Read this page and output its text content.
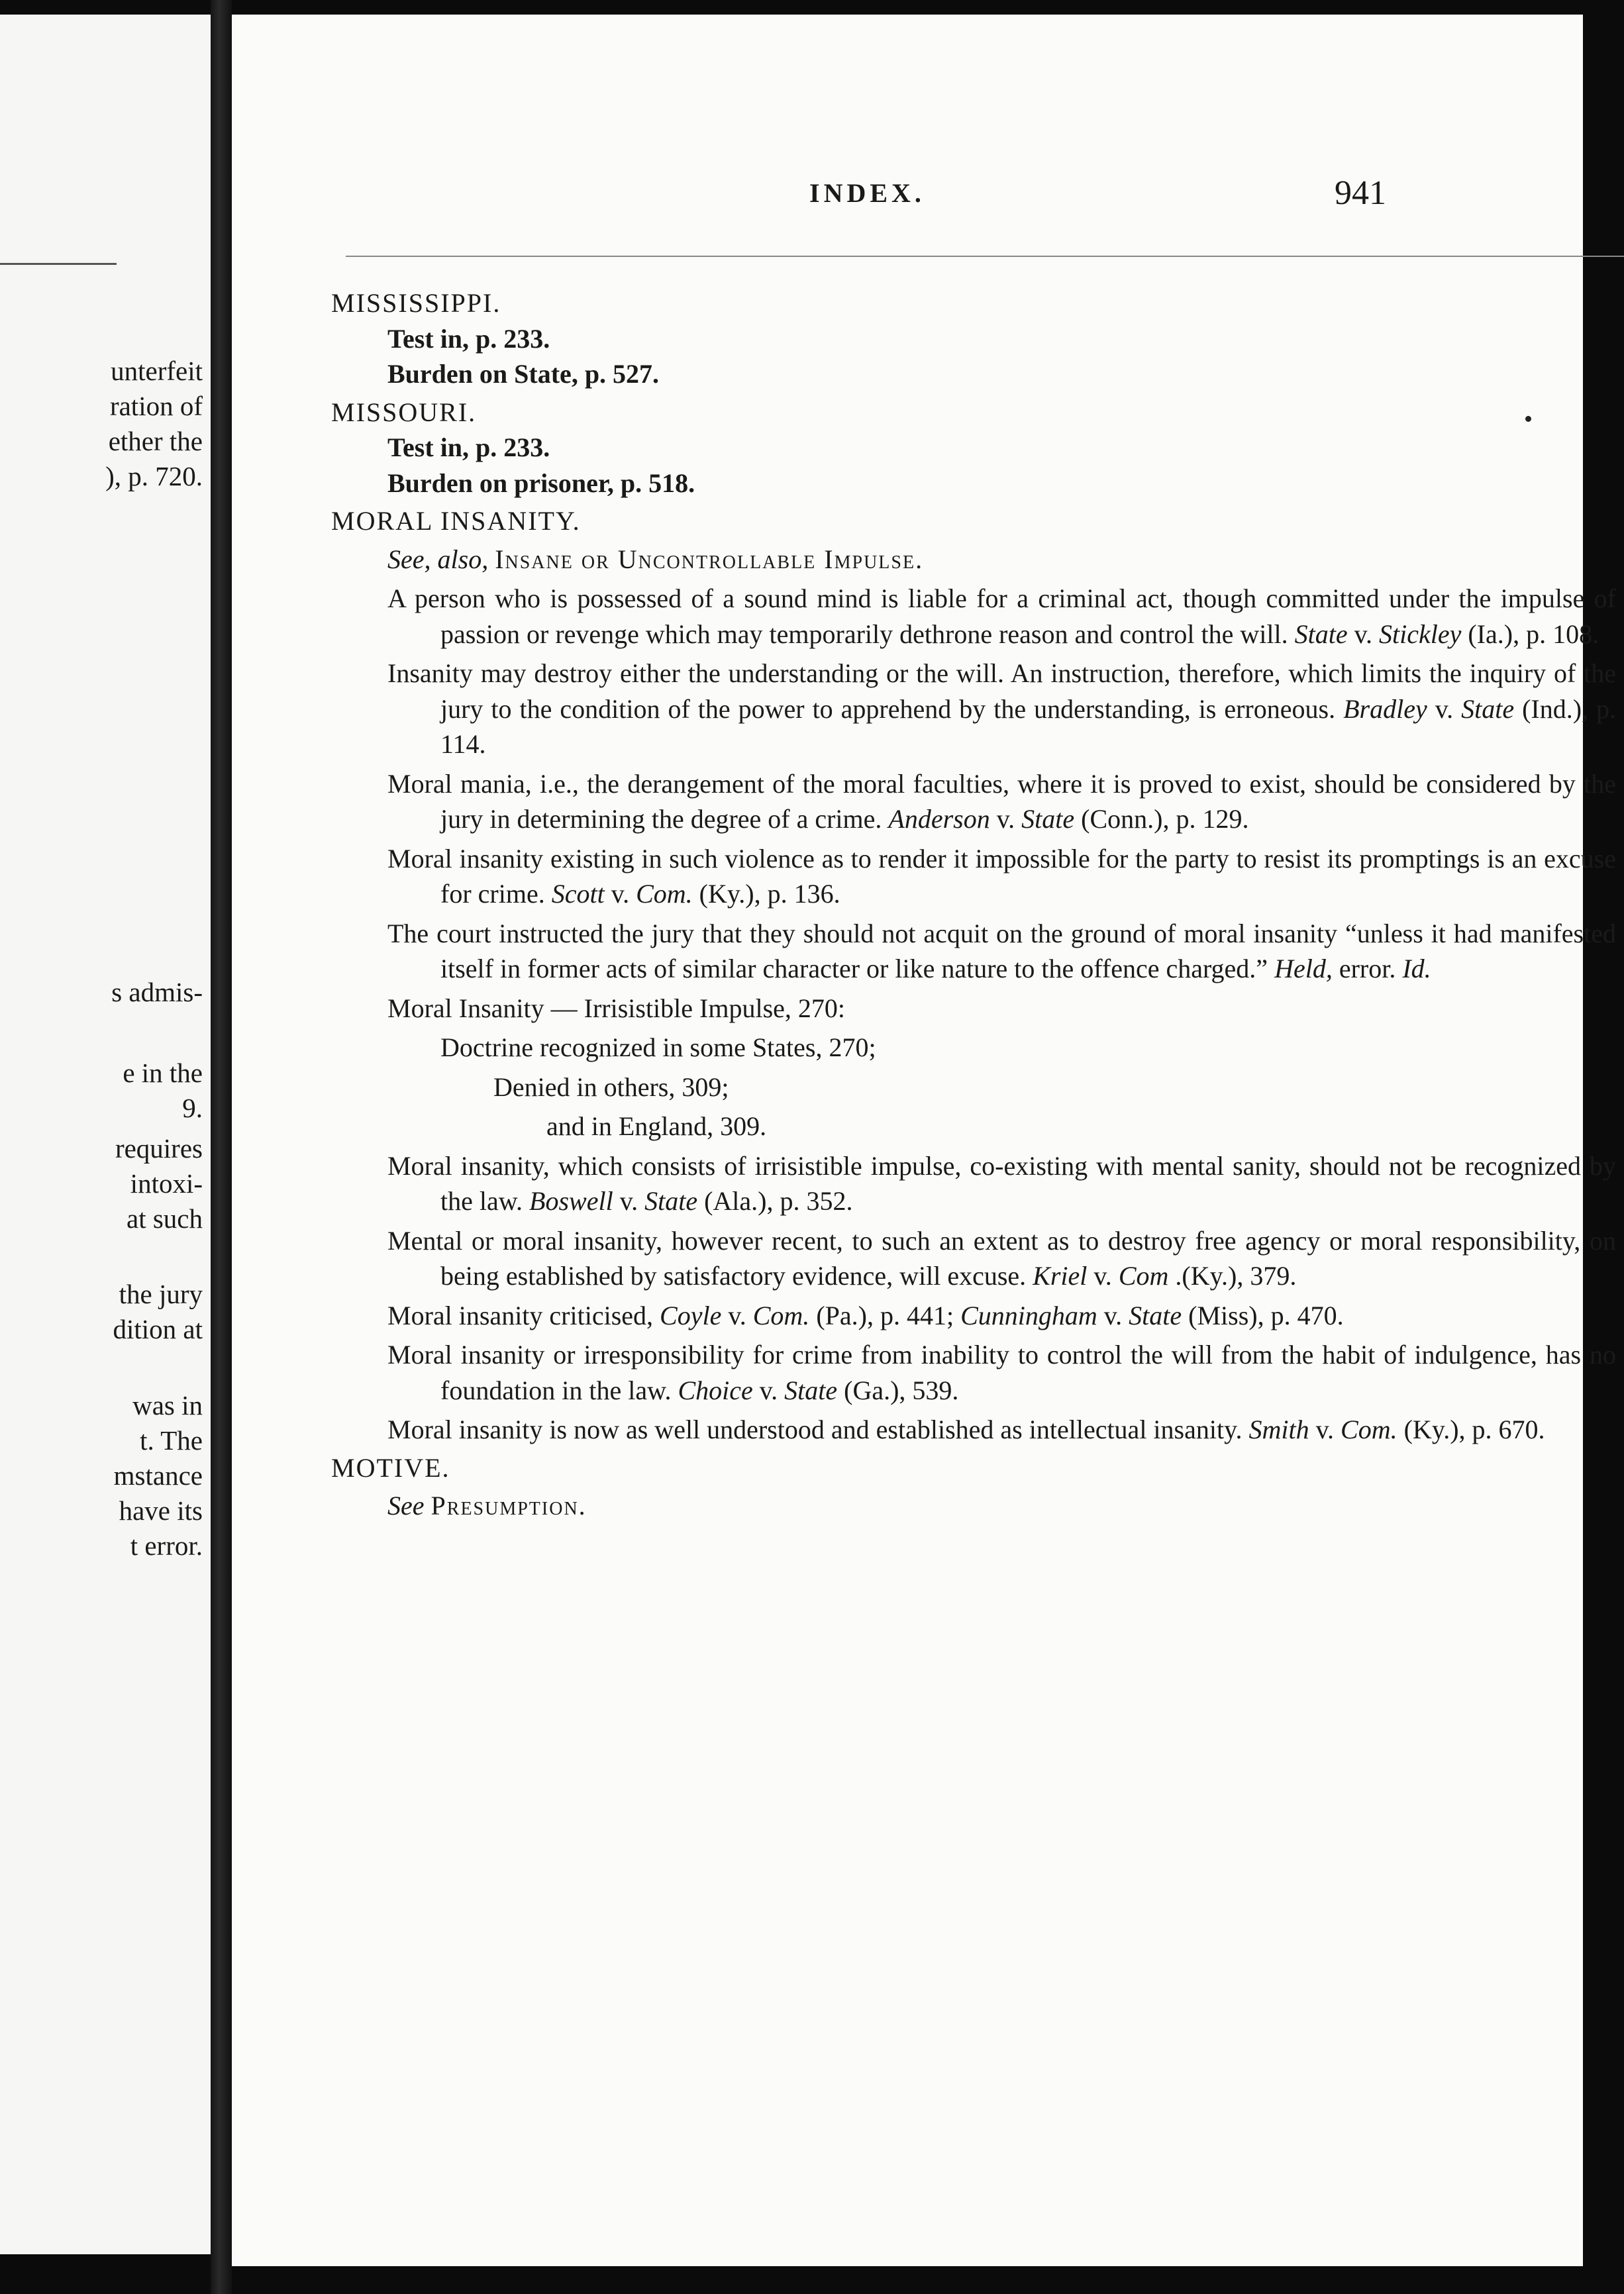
unterfeit
ration of
ether the
), p. 720.
s admis-
e in the
9.
requires
intoxi-
at such
the jury
dition at
was in
t. The
mstance
have its
t error.
INDEX.	941
MISSISSIPPI.
Test in, p. 233.
Burden on State, p. 527.
MISSOURI.
Test in, p. 233.
Burden on prisoner, p. 518.
MORAL INSANITY.
See, also, Insane or Uncontrollable Impulse.
A person who is possessed of a sound mind is liable for a criminal act, though committed under the impulse of passion or revenge which may temporarily dethrone reason and control the will. State v. Stickley (Ia.), p. 108.
Insanity may destroy either the understanding or the will. An instruction, therefore, which limits the inquiry of the jury to the condition of the power to apprehend by the understanding, is erroneous. Bradley v. State (Ind.), p. 114.
Moral mania, i.e., the derangement of the moral faculties, where it is proved to exist, should be considered by the jury in determining the degree of a crime. Anderson v. State (Conn.), p. 129.
Moral insanity existing in such violence as to render it impossible for the party to resist its promptings is an excuse for crime. Scott v. Com. (Ky.), p. 136.
The court instructed the jury that they should not acquit on the ground of moral insanity “unless it had manifested itself in former acts of similar character or like nature to the offence charged.” Held, error. Id.
Moral Insanity — Irrisistible Impulse, 270:
Doctrine recognized in some States, 270;
Denied in others, 309;
and in England, 309.
Moral insanity, which consists of irrisistible impulse, co-existing with mental sanity, should not be recognized by the law. Boswell v. State (Ala.), p. 352.
Mental or moral insanity, however recent, to such an extent as to destroy free agency or moral responsibility, on being established by satisfactory evidence, will excuse. Kriel v. Com .(Ky.), 379.
Moral insanity criticised, Coyle v. Com. (Pa.), p. 441; Cunningham v. State (Miss), p. 470.
Moral insanity or irresponsibility for crime from inability to control the will from the habit of indulgence, has no foundation in the law. Choice v. State (Ga.), 539.
Moral insanity is now as well understood and established as intellectual insanity. Smith v. Com. (Ky.), p. 670.
MOTIVE.
See Presumption.
